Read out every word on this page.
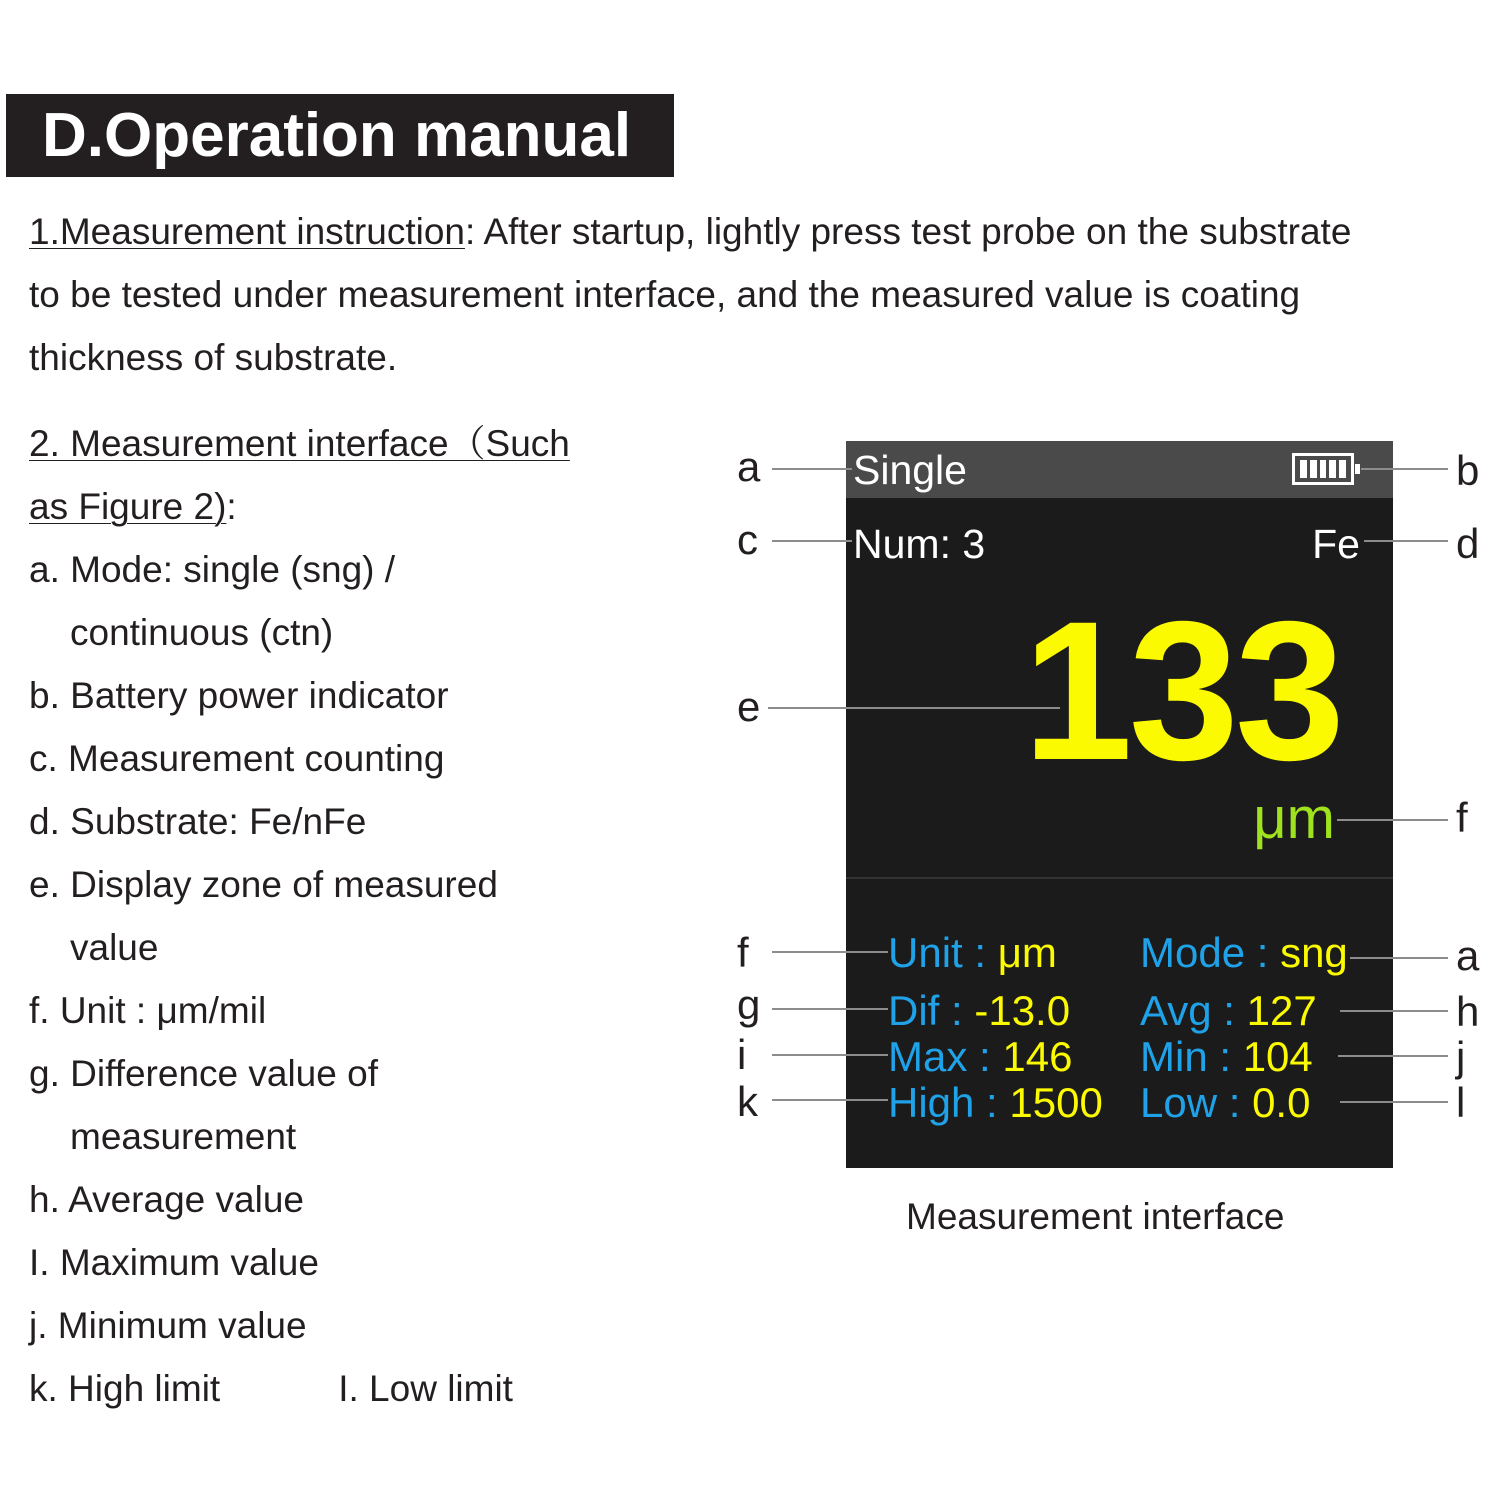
D.Operation manual

1.Measurement instruction: After startup, lightly press test probe on the substrate to be tested under measurement interface, and the measured value is coating thickness of substrate.

2. Measurement interface（Such
as Figure 2):
a. Mode: single (sng) /
continuous (ctn)
b. Battery power indicator
c. Measurement counting
d. Substrate: Fe/nFe
e. Display zone of measured
value
f. Unit : μm/mil
g. Difference value of
measurement
h. Average value
I. Maximum value
j. Minimum value
k. High limit	I. Low limit
Single
Num: 3	Fe
133
μm
Unit : μm Mode : sng
Dif : -13.0 Avg : 127
Max : 146 Min : 104
High : 1500 Low : 0.0
a	b
c	d
e
f
f	a
g	h
i	j
k	l
Measurement interface
